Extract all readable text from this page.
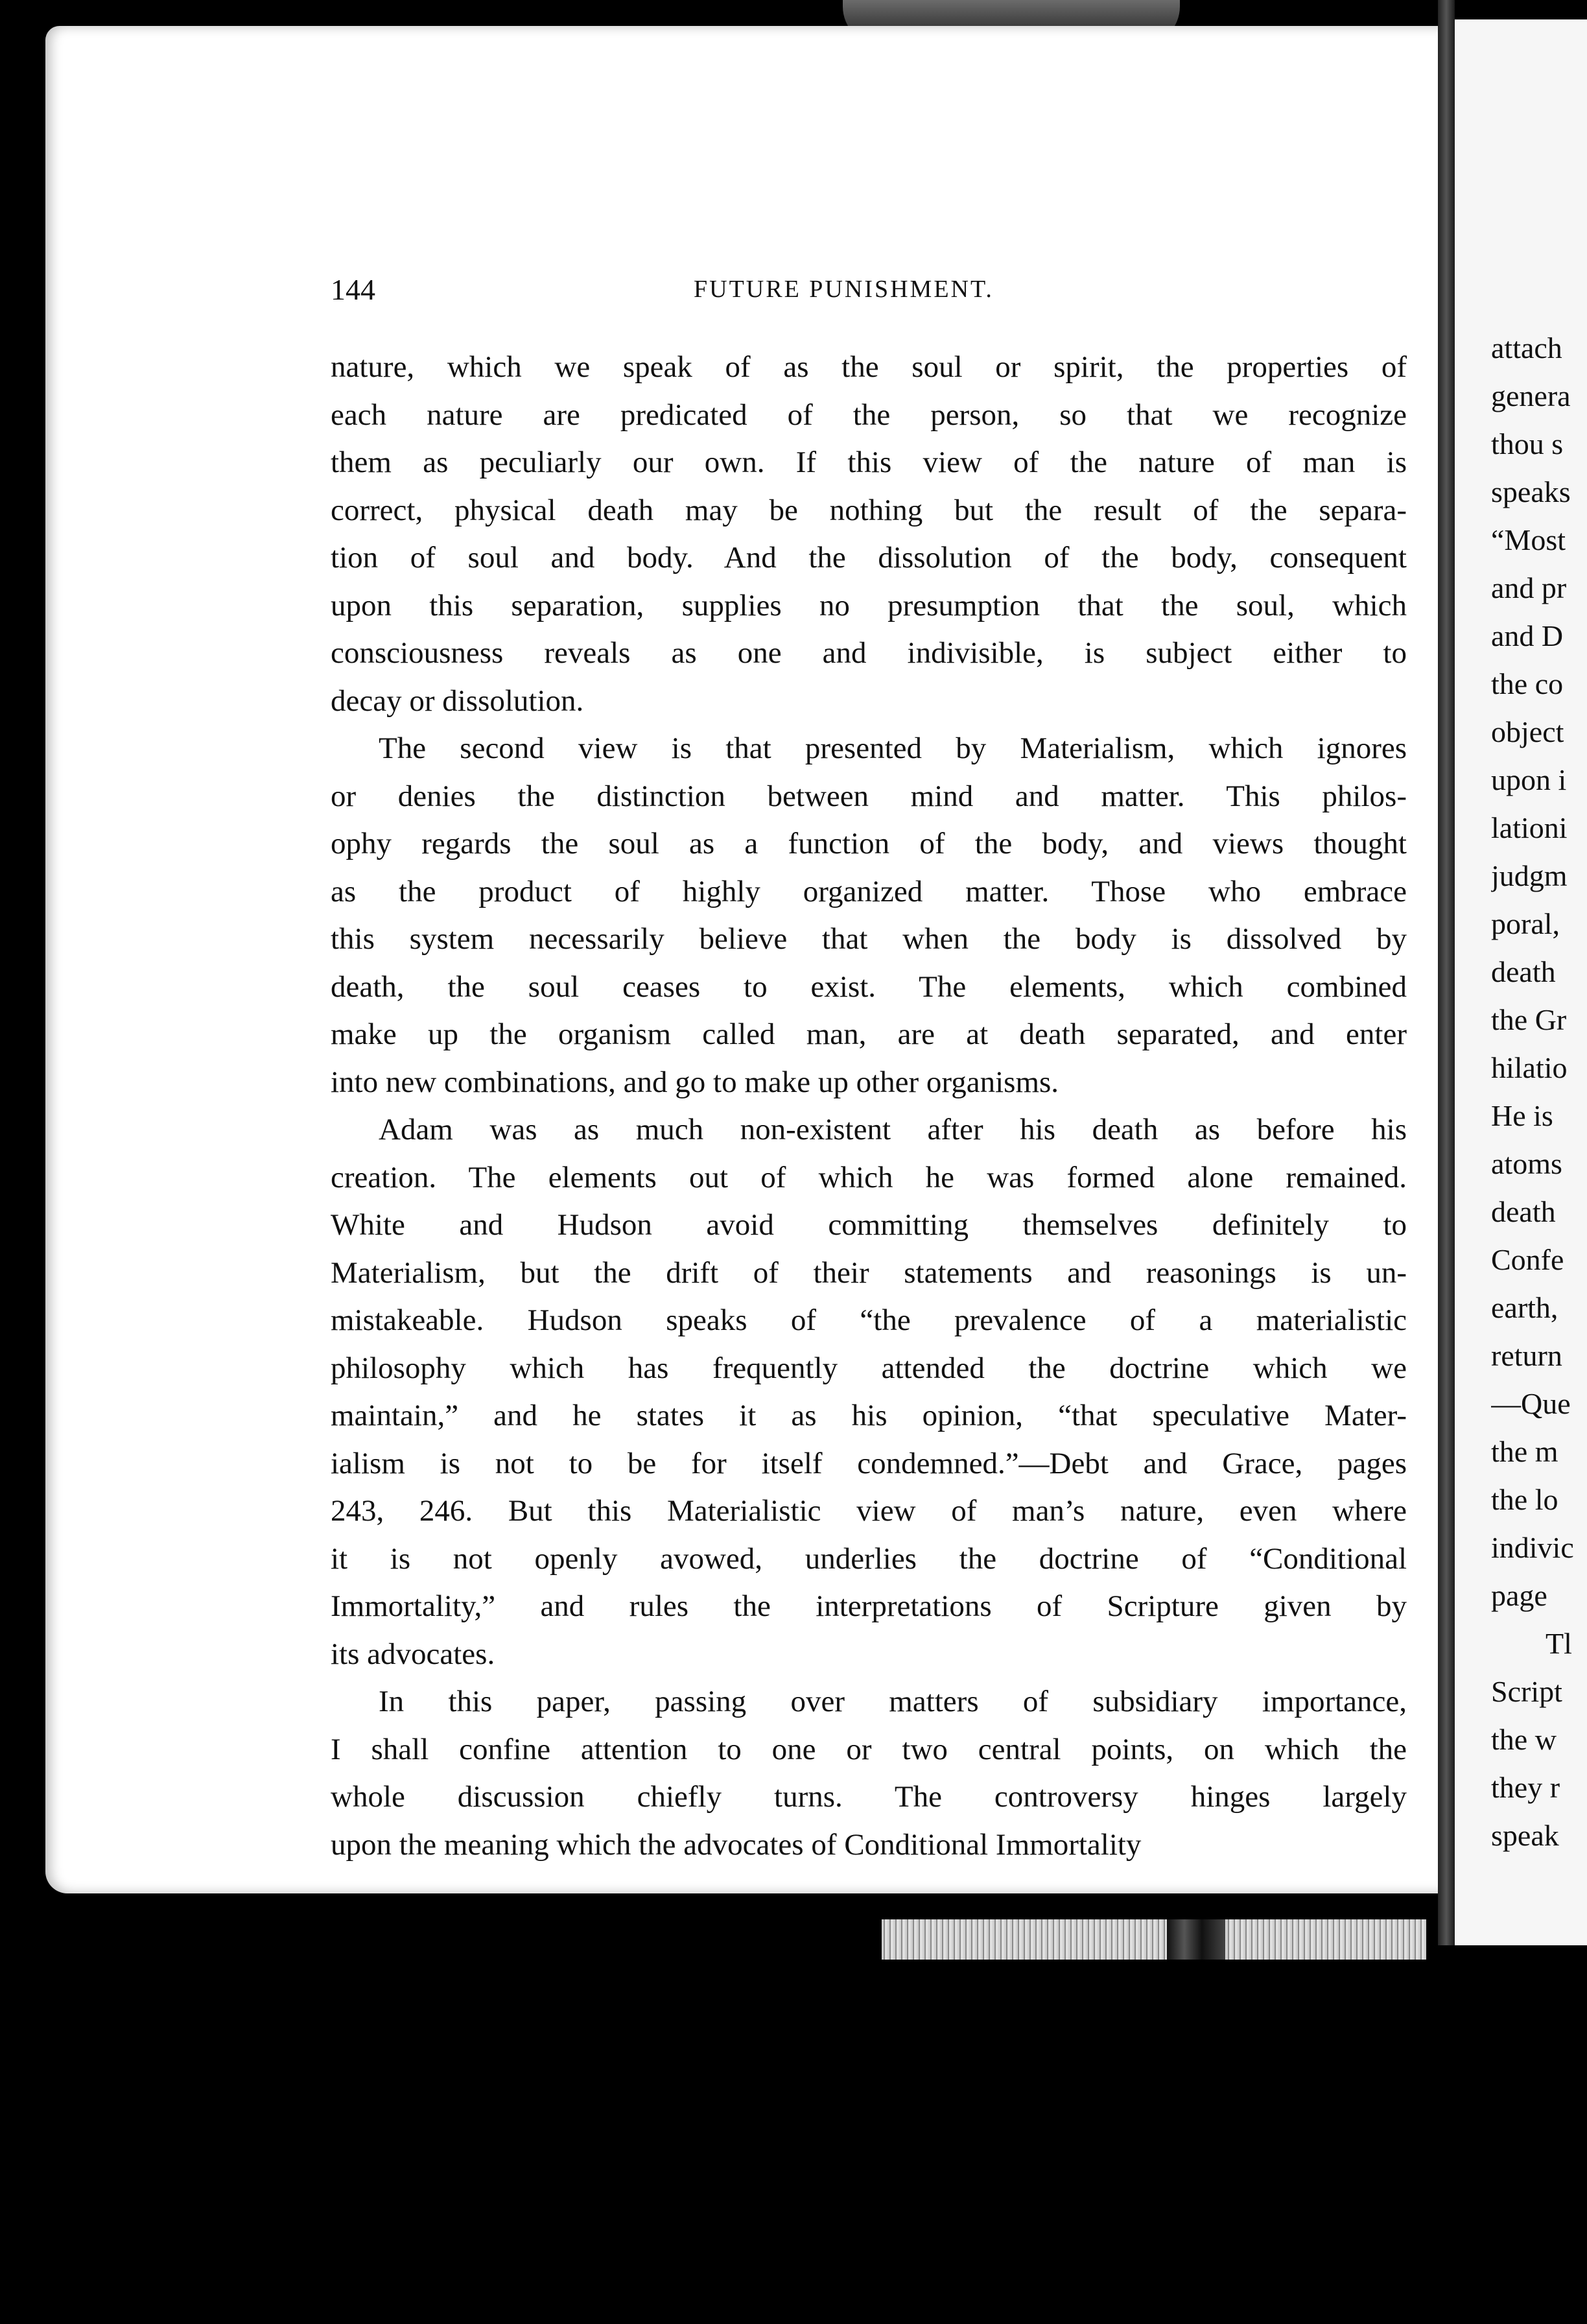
144	FUTURE PUNISHMENT.
nature, which we speak of as the soul or spirit, the properties of
each nature are predicated of the person, so that we recognize
them as peculiarly our own. If this view of the nature of man is
correct, physical death may be nothing but the result of the separa-
tion of soul and body. And the dissolution of the body, consequent
upon this separation, supplies no presumption that the soul, which
consciousness reveals as one and indivisible, is subject either to
decay or dissolution.
The second view is that presented by Materialism, which ignores
or denies the distinction between mind and matter. This philos-
ophy regards the soul as a function of the body, and views thought
as the product of highly organized matter. Those who embrace
this system necessarily believe that when the body is dissolved by
death, the soul ceases to exist. The elements, which combined
make up the organism called man, are at death separated, and enter
into new combinations, and go to make up other organisms.
Adam was as much non-existent after his death as before his
creation. The elements out of which he was formed alone remained.
White and Hudson avoid committing themselves definitely to
Materialism, but the drift of their statements and reasonings is un-
mistakeable. Hudson speaks of “the prevalence of a materialistic
philosophy which has frequently attended the doctrine which we
maintain,” and he states it as his opinion, “that speculative Mater-
ialism is not to be for itself condemned.”—Debt and Grace, pages
243, 246. But this Materialistic view of man’s nature, even where
it is not openly avowed, underlies the doctrine of “Conditional
Immortality,” and rules the interpretations of Scripture given by
its advocates.
In this paper, passing over matters of subsidiary importance,
I shall confine attention to one or two central points, on which the
whole discussion chiefly turns. The controversy hinges largely
upon the meaning which the advocates of Conditional Immortality
attach
genera
thou s
speaks
“Most
and pr
and D
the co
object
upon i
lationi
judgm
poral,
death
the Gr
hilatio
He is
atoms
death
Confe
earth,
return
—Que
the m
the lo
indivic
page
Tl
Script
the w
they r
speak
